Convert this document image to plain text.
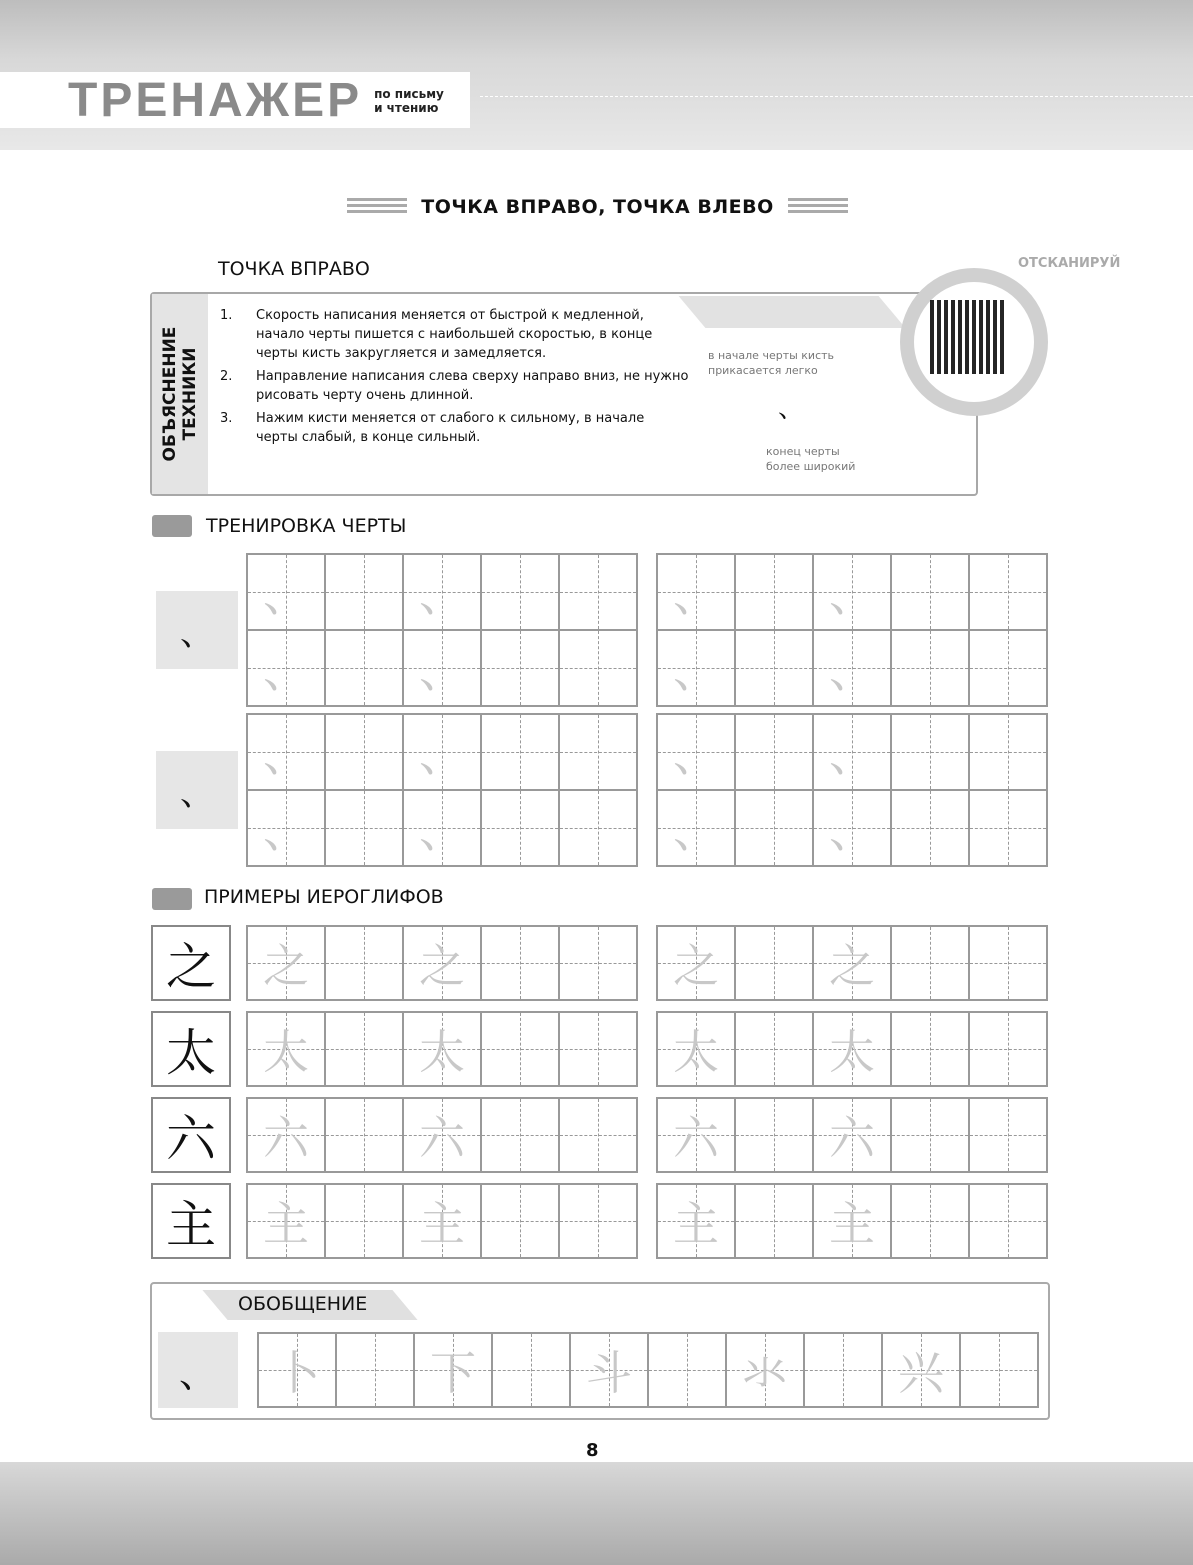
ТРЕНАЖЕР по письму
и чтению
ТОЧКА ВПРАВО, ТОЧКА ВЛЕВО
ТОЧКА ВПРАВО
ОБЪЯСНЕНИЕ ТЕХНИКИ
1.	Скорость написания меняется от быстрой к медленной, начало черты пишется с наибольшей скоростью, в конце черты кисть закругляется и замедляется.
2.	Направление написания слева сверху направо вниз, не нужно рисовать черту очень длинной.
3.	Нажим кисти меняется от слабого к сильному, в начале черты слабый, в конце сильный.
в начале черты кисть прикасается легко
、
конец черты более широкий
ОТСКАНИРУЙ
ТРЕНИРОВКА ЧЕРТЫ
ПРИМЕРЫ ИЕРОГЛИФОВ
、
、 、
、 、
、 、
、 、
、
、 、
、 、
、 、
、 、
之	之 之	之 之
太	太 太	太 太
六	六 六	六 六
主	主 主	主 主
ОБОБЩЕНИЕ
、	卜 下 斗 氺 兴
8
